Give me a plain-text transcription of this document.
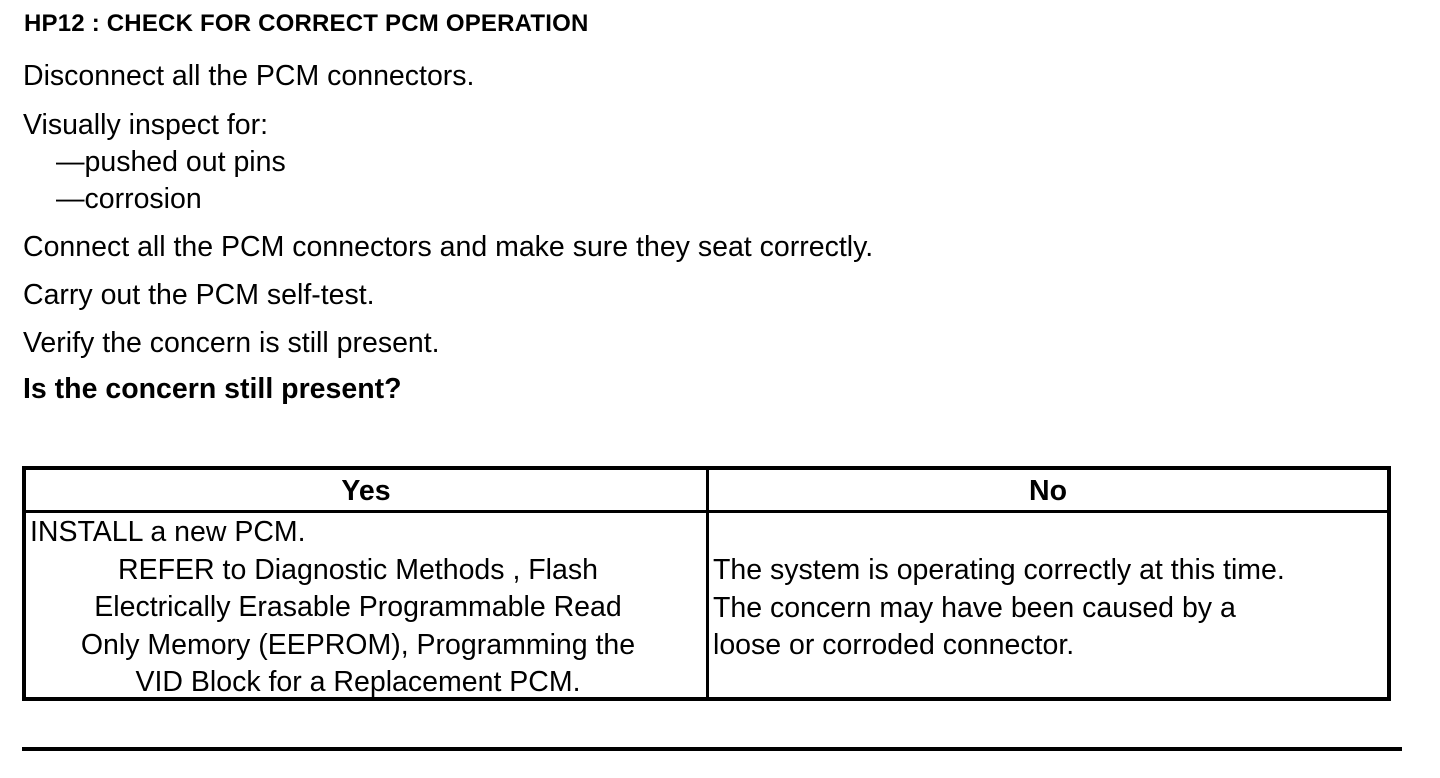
HP12 : CHECK FOR CORRECT PCM OPERATION
Disconnect all the PCM connectors.
Visually inspect for:
—pushed out pins
—corrosion
Connect all the PCM connectors and make sure they seat correctly.
Carry out the PCM self-test.
Verify the concern is still present.
Is the concern still present?
Yes	No
INSTALL a new PCM.
REFER to Diagnostic Methods , Flash
Electrically Erasable Programmable Read
Only Memory (EEPROM), Programming the
VID Block for a Replacement PCM.
The system is operating correctly at this time.
The concern may have been caused by a
loose or corroded connector.
